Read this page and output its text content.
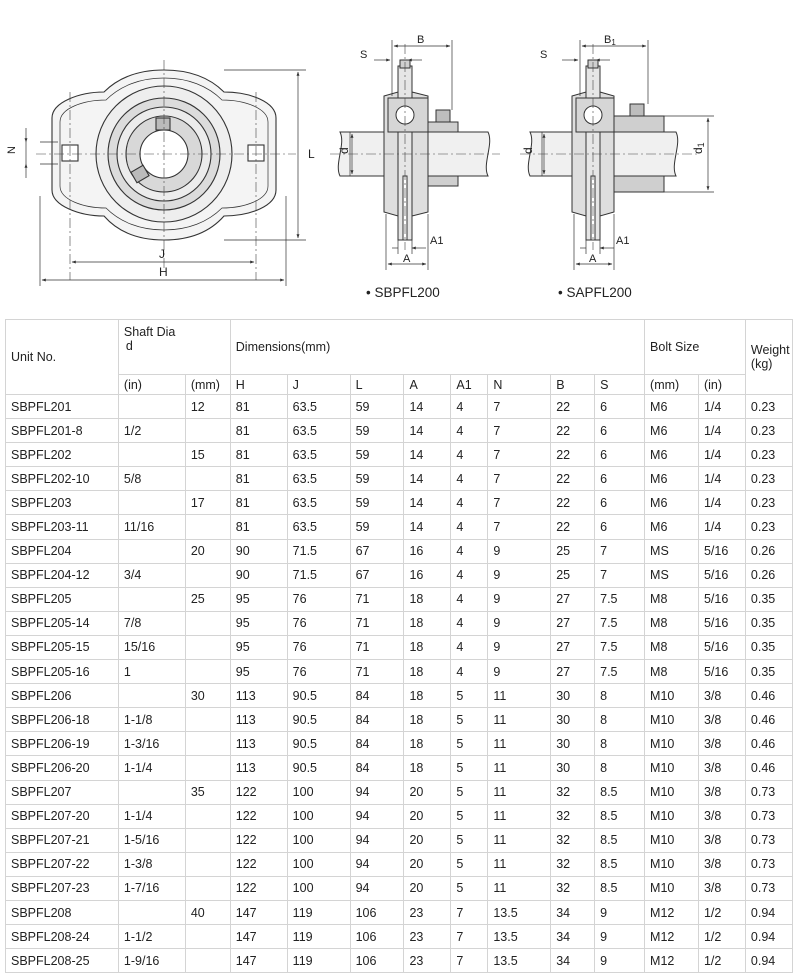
N	L
J
H
S
B
d
A1
A
• SBPFL200
S
B1
d	d1
A1
A
• SAPFL200
Unit No.	Shaft Dia
d		Dimensions(mm)								Bolt Size		Weight
(kg)
	(in)	(mm)	H	J	L	A	A1	N	B	S	(mm)	(in)	
SBPFL201		12	81	63.5	59	14	4	7	22	6	M6	1/4	0.23
SBPFL201-8	1/2		81	63.5	59	14	4	7	22	6	M6	1/4	0.23
SBPFL202		15	81	63.5	59	14	4	7	22	6	M6	1/4	0.23
SBPFL202-10	5/8		81	63.5	59	14	4	7	22	6	M6	1/4	0.23
SBPFL203		17	81	63.5	59	14	4	7	22	6	M6	1/4	0.23
SBPFL203-11	11/16		81	63.5	59	14	4	7	22	6	M6	1/4	0.23
SBPFL204		20	90	71.5	67	16	4	9	25	7	MS	5/16	0.26
SBPFL204-12	3/4		90	71.5	67	16	4	9	25	7	MS	5/16	0.26
SBPFL205		25	95	76	71	18	4	9	27	7.5	M8	5/16	0.35
SBPFL205-14	7/8		95	76	71	18	4	9	27	7.5	M8	5/16	0.35
SBPFL205-15	15/16		95	76	71	18	4	9	27	7.5	M8	5/16	0.35
SBPFL205-16	1		95	76	71	18	4	9	27	7.5	M8	5/16	0.35
SBPFL206		30	113	90.5	84	18	5	11	30	8	M10	3/8	0.46
SBPFL206-18	1-1/8		113	90.5	84	18	5	11	30	8	M10	3/8	0.46
SBPFL206-19	1-3/16		113	90.5	84	18	5	11	30	8	M10	3/8	0.46
SBPFL206-20	1-1/4		113	90.5	84	18	5	11	30	8	M10	3/8	0.46
SBPFL207		35	122	100	94	20	5	11	32	8.5	M10	3/8	0.73
SBPFL207-20	1-1/4		122	100	94	20	5	11	32	8.5	M10	3/8	0.73
SBPFL207-21	1-5/16		122	100	94	20	5	11	32	8.5	M10	3/8	0.73
SBPFL207-22	1-3/8		122	100	94	20	5	11	32	8.5	M10	3/8	0.73
SBPFL207-23	1-7/16		122	100	94	20	5	11	32	8.5	M10	3/8	0.73
SBPFL208		40	147	119	106	23	7	13.5	34	9	M12	1/2	0.94
SBPFL208-24	1-1/2		147	119	106	23	7	13.5	34	9	M12	1/2	0.94
SBPFL208-25	1-9/16		147	119	106	23	7	13.5	34	9	M12	1/2	0.94
